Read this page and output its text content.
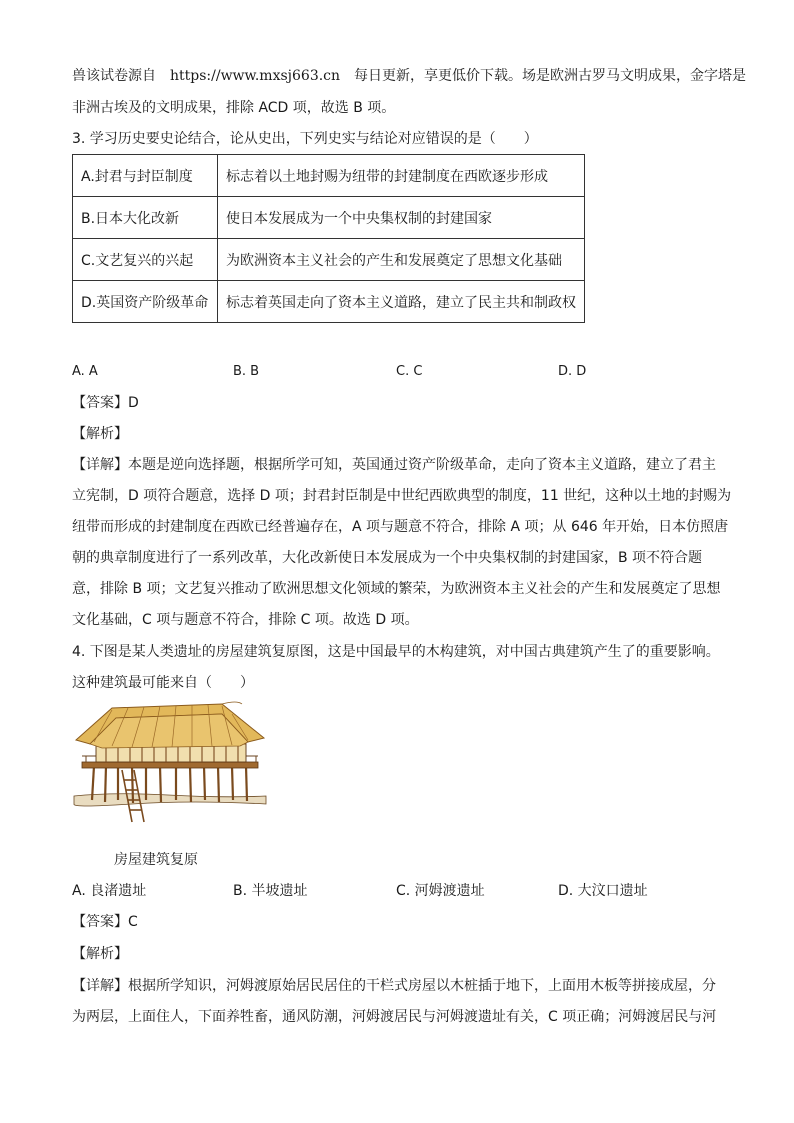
兽该试卷源自 https://www.mxsj663.cn 每日更新，享更低价下载。场是欧洲古罗马文明成果，金字塔是
非洲古埃及的文明成果，排除 ACD 项，故选 B 项。
3. 学习历史要史论结合，论从史出，下列史实与结论对应错误的是（　　）
A.封君与封臣制度	标志着以土地封赐为纽带的封建制度在西欧逐步形成
B.日本大化改新	使日本发展成为一个中央集权制的封建国家
C.文艺复兴的兴起	为欧洲资本主义社会的产生和发展奠定了思想文化基础
D.英国资产阶级革命	标志着英国走向了资本主义道路，建立了民主共和制政权
A. A	B. B	C. C	D. D
【答案】D
【解析】
【详解】本题是逆向选择题，根据所学可知，英国通过资产阶级革命，走向了资本主义道路，建立了君主
立宪制，D 项符合题意，选择 D 项；封君封臣制是中世纪西欧典型的制度，11 世纪，这种以土地的封赐为
纽带而形成的封建制度在西欧已经普遍存在，A 项与题意不符合，排除 A 项；从 646 年开始，日本仿照唐
朝的典章制度进行了一系列改革，大化改新使日本发展成为一个中央集权制的封建国家，B 项不符合题
意，排除 B 项；文艺复兴推动了欧洲思想文化领域的繁荣，为欧洲资本主义社会的产生和发展奠定了思想
文化基础，C 项与题意不符合，排除 C 项。故选 D 项。
4. 下图是某人类遗址的房屋建筑复原图，这是中国最早的木构建筑，对中国古典建筑产生了的重要影响。
这种建筑最可能来自（　　）
房屋建筑复原
A. 良渚遗址	B. 半坡遗址	C. 河姆渡遗址	D. 大汶口遗址
【答案】C
【解析】
【详解】根据所学知识，河姆渡原始居民居住的干栏式房屋以木桩插于地下，上面用木板等拼接成屋，分
为两层，上面住人，下面养牲畜，通风防潮，河姆渡居民与河姆渡遗址有关，C 项正确；河姆渡居民与河
